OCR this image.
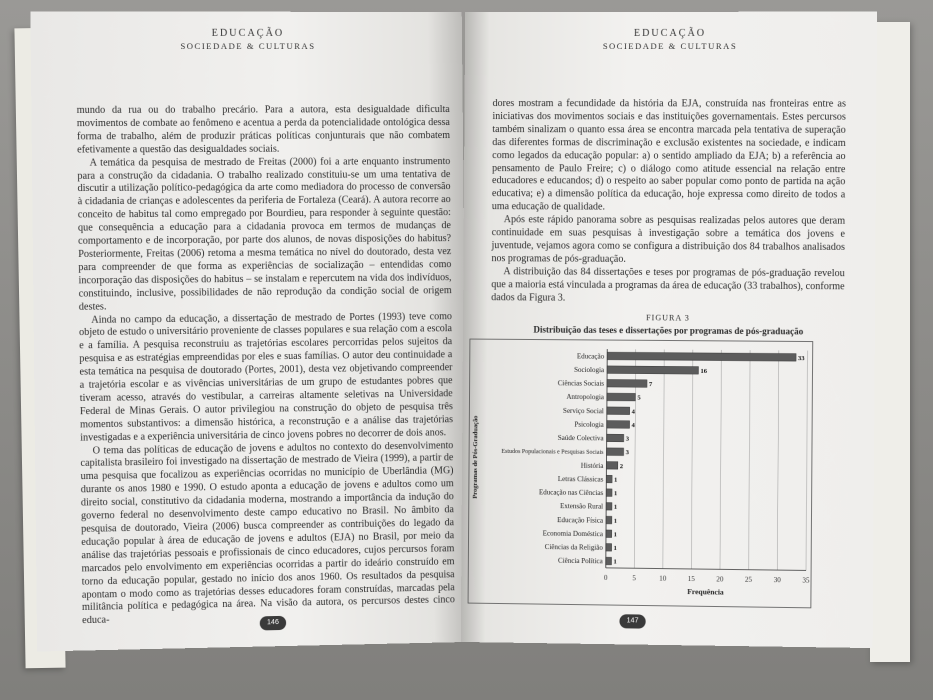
EDUCAÇÃO
SOCIEDADE & CULTURAS

mundo da rua ou do trabalho precário. Para a autora, esta desigualdade dificulta movimentos de combate ao fenômeno e acentua a perda da potencialidade ontológica dessa forma de trabalho, além de produzir práticas políticas conjunturais que não combatem efetivamente a questão das desigualdades sociais.

A temática da pesquisa de mestrado de Freitas (2000) foi a arte enquanto instrumento para a construção da cidadania. O trabalho realizado constituiu-se um uma tentativa de discutir a utilização político-pedagógica da arte como mediadora do processo de conversão à cidadania de crianças e adolescentes da periferia de Fortaleza (Ceará). A autora recorre ao conceito de habitus tal como empregado por Bourdieu, para responder à seguinte questão: que consequência a educação para a cidadania provoca em termos de mudanças de comportamento e de incorporação, por parte dos alunos, de novas disposições do habitus? Posteriormente, Freitas (2006) retoma a mesma temática no nível do doutorado, desta vez para compreender de que forma as experiências de socialização – entendidas como incorporação das disposições do habitus – se instalam e repercutem na vida dos indivíduos, constituindo, inclusive, possibilidades de não reprodução da condição social de origem destes.

Ainda no campo da educação, a dissertação de mestrado de Portes (1993) teve como objeto de estudo o universitário proveniente de classes populares e sua relação com a escola e a família. A pesquisa reconstruiu as trajetórias escolares percorridas pelos sujeitos da pesquisa e as estratégias empreendidas por eles e suas famílias. O autor deu continuidade a esta temática na pesquisa de doutorado (Portes, 2001), desta vez objetivando compreender a trajetória escolar e as vivências universitárias de um grupo de estudantes pobres que tiveram acesso, através do vestibular, a carreiras altamente seletivas na Universidade Federal de Minas Gerais. O autor privilegiou na construção do objeto de pesquisa três momentos substantivos: a dimensão histórica, a reconstrução e a análise das trajetórias investigadas e a experiência universitária de cinco jovens pobres no decorrer de dois anos.

O tema das políticas de educação de jovens e adultos no contexto do desenvolvimento capitalista brasileiro foi investigado na dissertação de mestrado de Vieira (1999), a partir de uma pesquisa que focalizou as experiências ocorridas no município de Uberlândia (MG) durante os anos 1980 e 1990. O estudo aponta a educação de jovens e adultos como um direito social, constitutivo da cidadania moderna, mostrando a importância da indução do governo federal no desenvolvimento deste campo educativo no Brasil. No âmbito da pesquisa de doutorado, Vieira (2006) busca compreender as contribuições do legado da educação popular à área de educação de jovens e adultos (EJA) no Brasil, por meio da análise das trajetórias pessoais e profissionais de cinco educadores, cujos percursos foram marcados pelo envolvimento em experiências ocorridas a partir do ideário construído em torno da educação popular, gestado no início dos anos 1960. Os resultados da pesquisa apontam o modo como as trajetórias desses educadores foram construídas, marcadas pela militância política e pedagógica na área. Na visão da autora, os percursos destes cinco educa-	146
EDUCAÇÃO
SOCIEDADE & CULTURAS

dores mostram a fecundidade da história da EJA, construída nas fronteiras entre as iniciativas dos movimentos sociais e das instituições governamentais. Estes percursos também sinalizam o quanto essa área se encontra marcada pela tentativa de superação das diferentes formas de discriminação e exclusão existentes na sociedade, e indicam como legados da educação popular: a) o sentido ampliado da EJA; b) a referência ao pensamento de Paulo Freire; c) o diálogo como atitude essencial na relação entre educadores e educandos; d) o respeito ao saber popular como ponto de partida na ação educativa; e) a dimensão política da educação, hoje expressa como direito de todos a uma educação de qualidade.

Após este rápido panorama sobre as pesquisas realizadas pelos autores que deram continuidade em suas pesquisas à investigação sobre a temática dos jovens e juventude, vejamos agora como se configura a distribuição dos 84 trabalhos analisados nos programas de pós-graduação.

A distribuição das 84 dissertações e teses por programas de pós-graduação revelou que a maioria está vinculada a programas da área de educação (33 trabalhos), conforme dados da Figura 3.

FIGURA 3
Distribuição das teses e dissertações por programas de pós-graduação
0	5	10	15	20	25	30	35
Educação	33
Sociologia	16
Ciências Sociais	7
Antropologia	5
Serviço Social	4
Psicologia	4
Saúde Colectiva	3
Estudos Populacionais e Pesquisas Sociais	3
História	2
Letras Clássicas 1
Educação nas Ciências 1
Extensão Rural 1
Educação Física 1
Economia Doméstica 1
Ciências da Religião 1
Ciência Política 1
Frequência
Programas de Pós-Graduação
147
